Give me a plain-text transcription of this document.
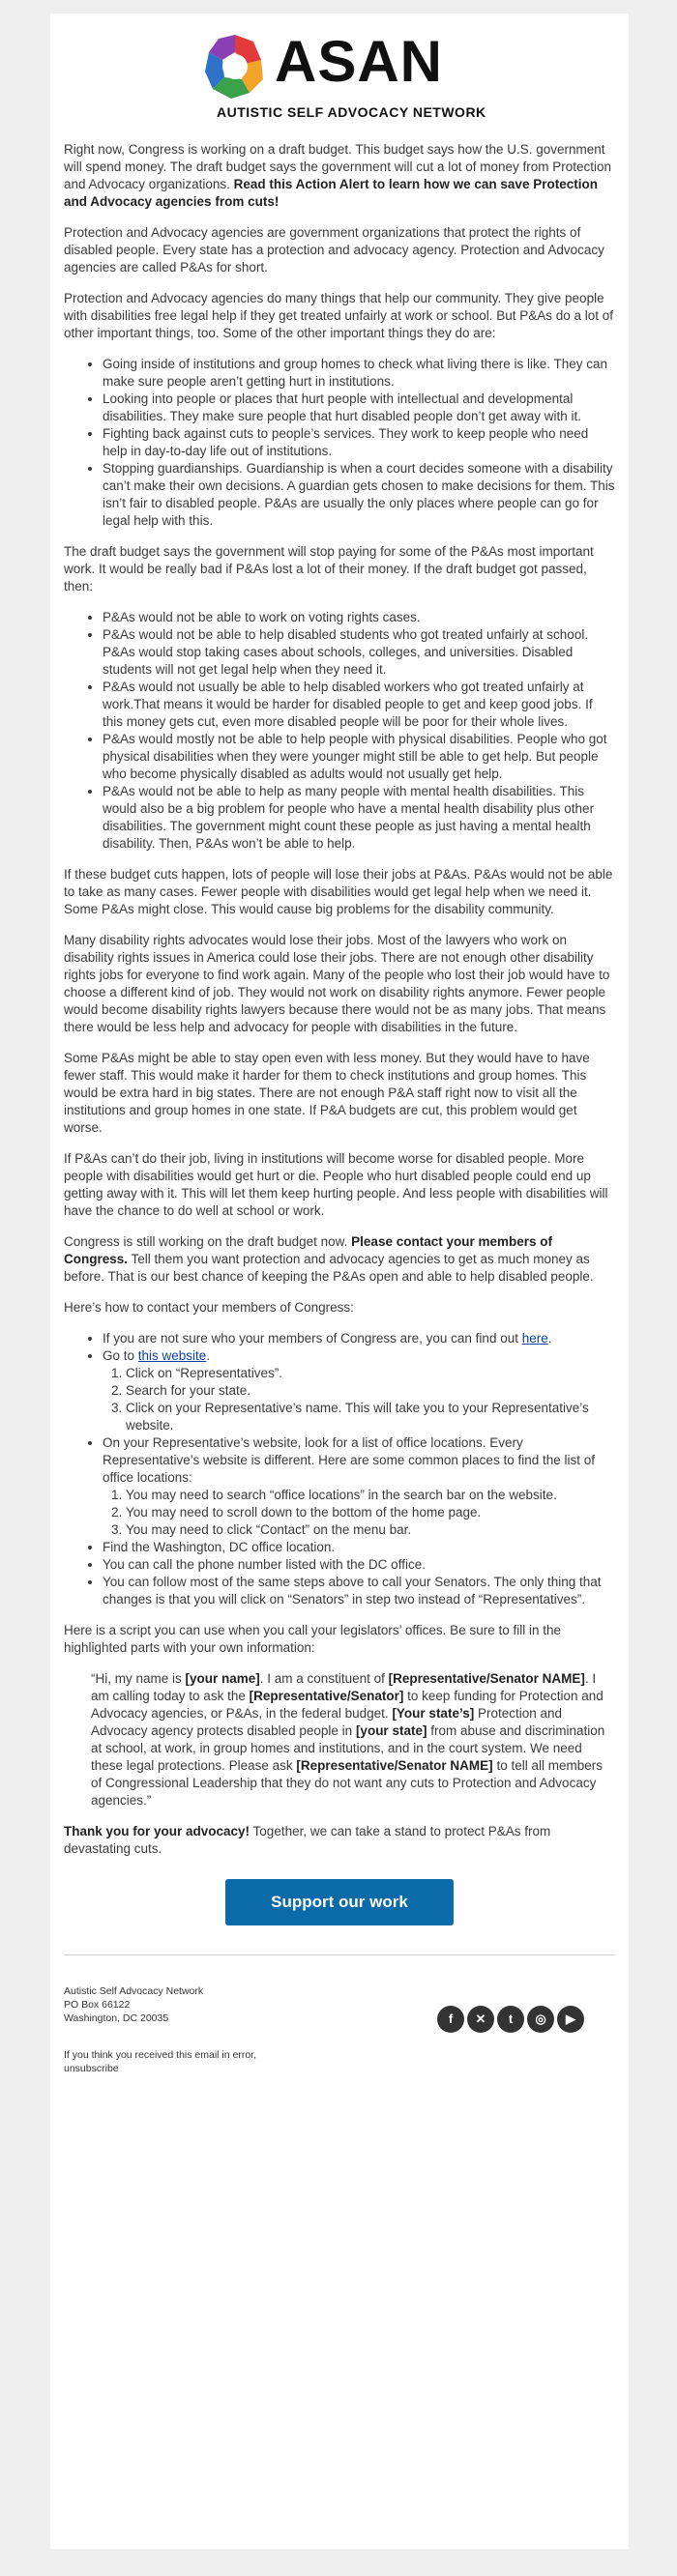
ASAN
AUTISTIC SELF ADVOCACY NETWORK

Right now, Congress is working on a draft budget. This budget says how the U.S. government will spend money. The draft budget says the government will cut a lot of money from Protection and Advocacy organizations. Read this Action Alert to learn how we can save Protection and Advocacy agencies from cuts!

Protection and Advocacy agencies are government organizations that protect the rights of disabled people. Every state has a protection and advocacy agency. Protection and Advocacy agencies are called P&As for short.

Protection and Advocacy agencies do many things that help our community. They give people with disabilities free legal help if they get treated unfairly at work or school. But P&As do a lot of other important things, too. Some of the other important things they do are:

• Going inside of institutions and group homes to check what living there is like. They can make sure people aren’t getting hurt in institutions.
• Looking into people or places that hurt people with intellectual and developmental disabilities. They make sure people that hurt disabled people don’t get away with it.
• Fighting back against cuts to people’s services. They work to keep people who need help in day-to-day life out of institutions.
• Stopping guardianships. Guardianship is when a court decides someone with a disability can’t make their own decisions. A guardian gets chosen to make decisions for them. This isn’t fair to disabled people. P&As are usually the only places where people can go for legal help with this.

The draft budget says the government will stop paying for some of the P&As most important work. It would be really bad if P&As lost a lot of their money. If the draft budget got passed, then:

• P&As would not be able to work on voting rights cases.
• P&As would not be able to help disabled students who got treated unfairly at school. P&As would stop taking cases about schools, colleges, and universities. Disabled students will not get legal help when they need it.
• P&As would not usually be able to help disabled workers who got treated unfairly at work.That means it would be harder for disabled people to get and keep good jobs. If this money gets cut, even more disabled people will be poor for their whole lives.
• P&As would mostly not be able to help people with physical disabilities. People who got physical disabilities when they were younger might still be able to get help. But people who become physically disabled as adults would not usually get help.
• P&As would not be able to help as many people with mental health disabilities. This would also be a big problem for people who have a mental health disability plus other disabilities. The government might count these people as just having a mental health disability. Then, P&As won’t be able to help.

If these budget cuts happen, lots of people will lose their jobs at P&As. P&As would not be able to take as many cases. Fewer people with disabilities would get legal help when we need it. Some P&As might close. This would cause big problems for the disability community.

Many disability rights advocates would lose their jobs. Most of the lawyers who work on disability rights issues in America could lose their jobs. There are not enough other disability rights jobs for everyone to find work again. Many of the people who lost their job would have to choose a different kind of job. They would not work on disability rights anymore. Fewer people would become disability rights lawyers because there would not be as many jobs. That means there would be less help and advocacy for people with disabilities in the future.

Some P&As might be able to stay open even with less money. But they would have to have fewer staff. This would make it harder for them to check institutions and group homes. This would be extra hard in big states. There are not enough P&A staff right now to visit all the institutions and group homes in one state. If P&A budgets are cut, this problem would get worse.

If P&As can’t do their job, living in institutions will become worse for disabled people. More people with disabilities would get hurt or die. People who hurt disabled people could end up getting away with it. This will let them keep hurting people. And less people with disabilities will have the chance to do well at school or work.

Congress is still working on the draft budget now. Please contact your members of Congress. Tell them you want protection and advocacy agencies to get as much money as before. That is our best chance of keeping the P&As open and able to help disabled people.

Here’s how to contact your members of Congress:

• If you are not sure who your members of Congress are, you can find out here.
• Go to this website.
1. Click on “Representatives”.
2. Search for your state.
3. Click on your Representative’s name. This will take you to your Representative’s website.
• On your Representative’s website, look for a list of office locations. Every Representative’s website is different. Here are some common places to find the list of office locations:
1. You may need to search “office locations” in the search bar on the website.
2. You may need to scroll down to the bottom of the home page.
3. You may need to click “Contact” on the menu bar.
• Find the Washington, DC office location.
• You can call the phone number listed with the DC office.
• You can follow most of the same steps above to call your Senators. The only thing that changes is that you will click on “Senators” in step two instead of “Representatives”.

Here is a script you can use when you call your legislators’ offices. Be sure to fill in the highlighted parts with your own information:

“Hi, my name is [your name]. I am a constituent of [Representative/Senator NAME]. I am calling today to ask the [Representative/Senator] to keep funding for Protection and Advocacy agencies, or P&As, in the federal budget. [Your state’s] Protection and Advocacy agency protects disabled people in [your state] from abuse and discrimination at school, at work, in group homes and institutions, and in the court system. We need these legal protections. Please ask [Representative/Senator NAME] to tell all members of Congressional Leadership that they do not want any cuts to Protection and Advocacy agencies.”

Thank you for your advocacy! Together, we can take a stand to protect P&As from devastating cuts.

Support our work
Autistic Self Advocacy Network
PO Box 66122
Washington, DC 20035
If you think you received this email in error, unsubscribe
f ✕ t ◎ ▶
